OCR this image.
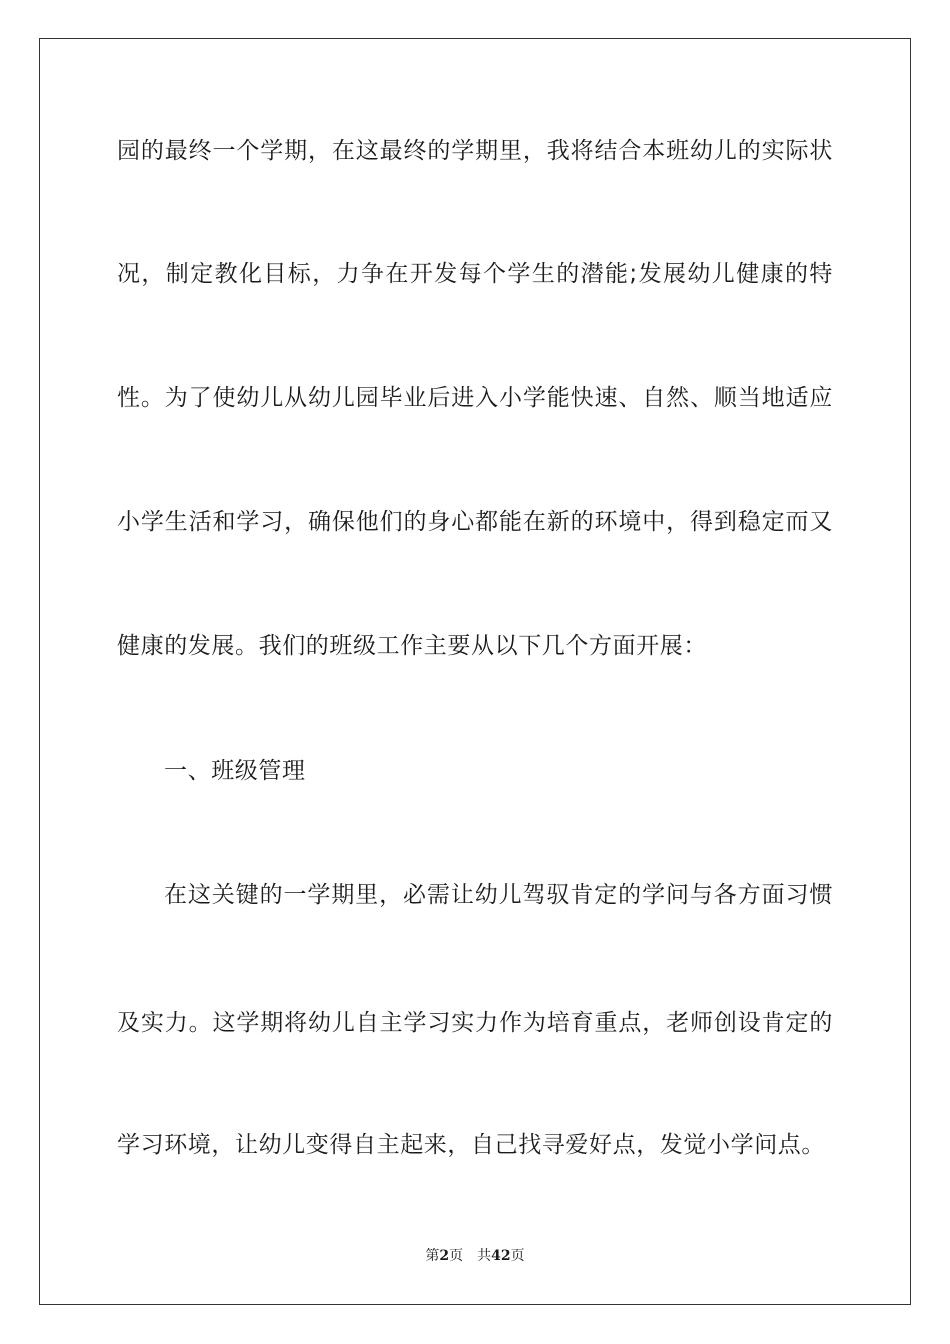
园的最终一个学期，在这最终的学期里，我将结合本班幼儿的实际状
况，制定教化目标，力争在开发每个学生的潜能;发展幼儿健康的特
性。为了使幼儿从幼儿园毕业后进入小学能快速、自然、顺当地适应
小学生活和学习，确保他们的身心都能在新的环境中，得到稳定而又
健康的发展。我们的班级工作主要从以下几个方面开展：
一、班级管理
在这关键的一学期里，必需让幼儿驾驭肯定的学问与各方面习惯
及实力。这学期将幼儿自主学习实力作为培育重点，老师创设肯定的
学习环境，让幼儿变得自主起来，自己找寻爱好点，发觉小学问点。
第2页 共42页
